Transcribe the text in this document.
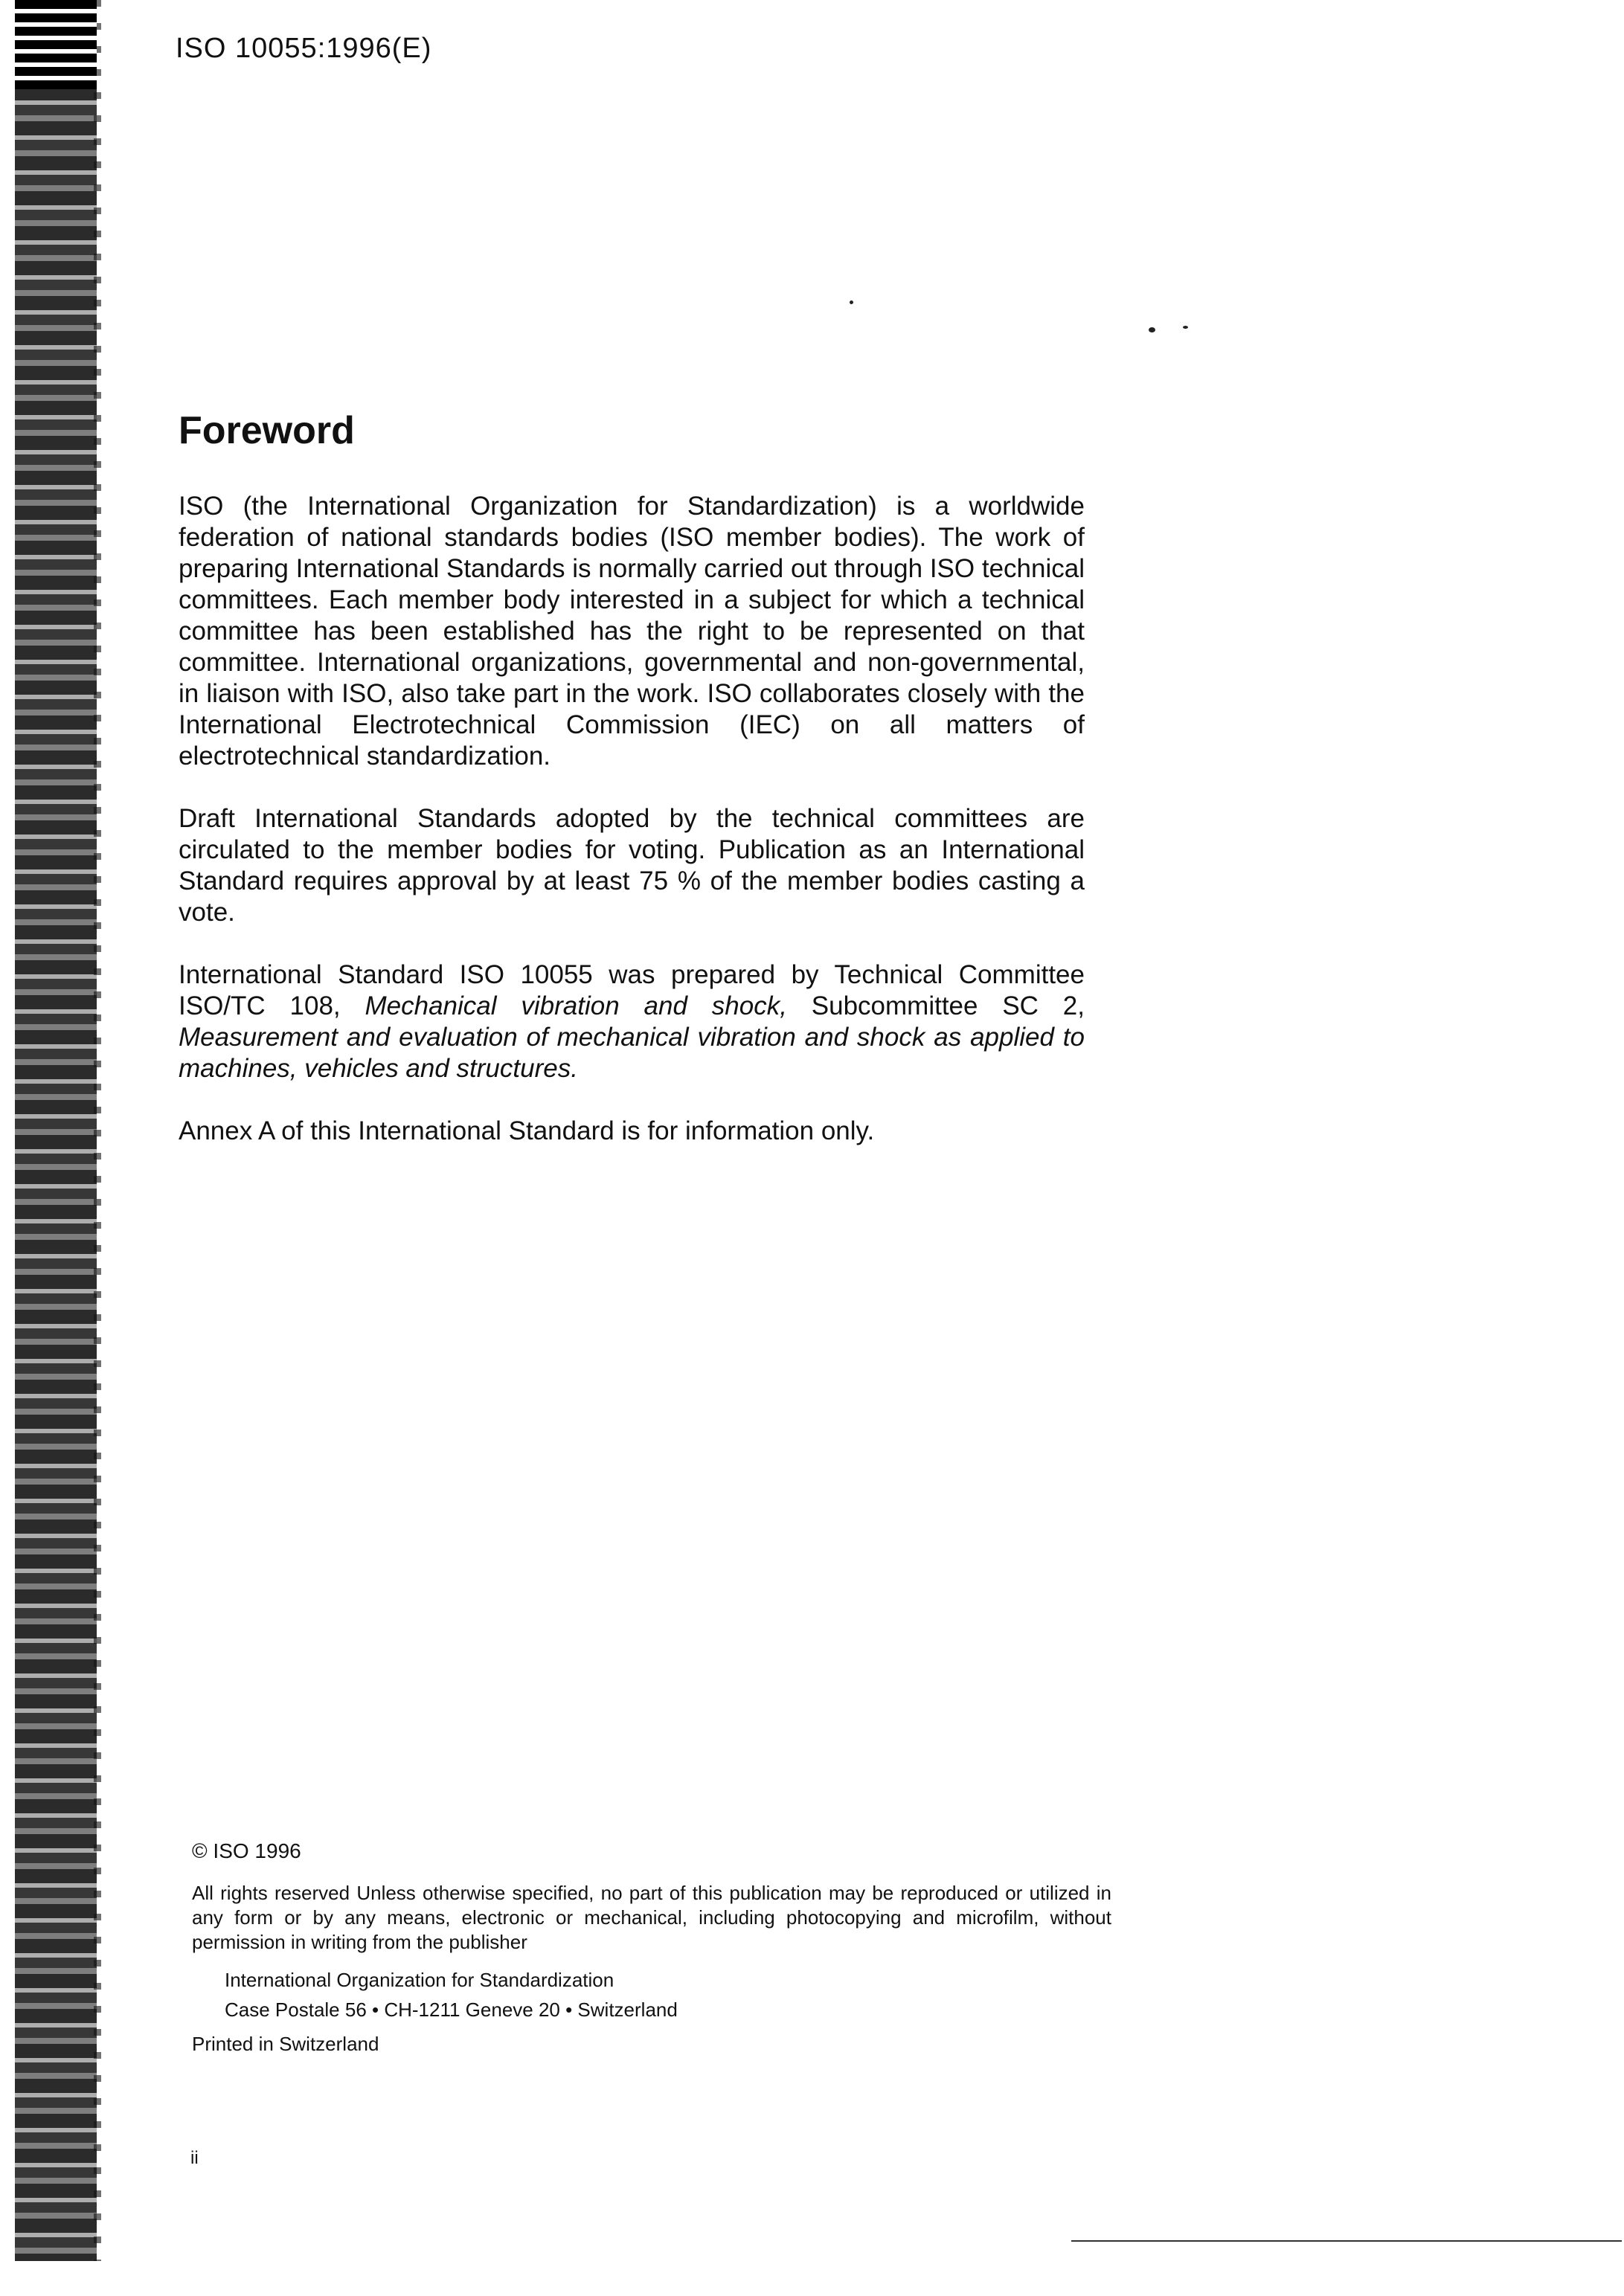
ISO 10055:1996(E)
Foreword

ISO (the International Organization for Standardization) is a worldwide federation of national standards bodies (ISO member bodies). The work of preparing International Standards is normally carried out through ISO technical committees. Each member body interested in a subject for which a technical committee has been established has the right to be represented on that committee. International organizations, governmental and non-governmental, in liaison with ISO, also take part in the work. ISO collaborates closely with the International Electrotechnical Commission (IEC) on all matters of electrotechnical standardization.

Draft International Standards adopted by the technical committees are circulated to the member bodies for voting. Publication as an International Standard requires approval by at least 75 % of the member bodies casting a vote.

International Standard ISO 10055 was prepared by Technical Committee ISO/TC 108, Mechanical vibration and shock, Subcommittee SC 2, Measurement and evaluation of mechanical vibration and shock as applied to machines, vehicles and structures.

Annex A of this International Standard is for information only.

© ISO 1996
All rights reserved Unless otherwise specified, no part of this publication may be reproduced or utilized in any form or by any means, electronic or mechanical, including photocopying and microfilm, without permission in writing from the publisher
International Organization for Standardization
Case Postale 56 • CH-1211 Geneve 20 • Switzerland
Printed in Switzerland
ii
